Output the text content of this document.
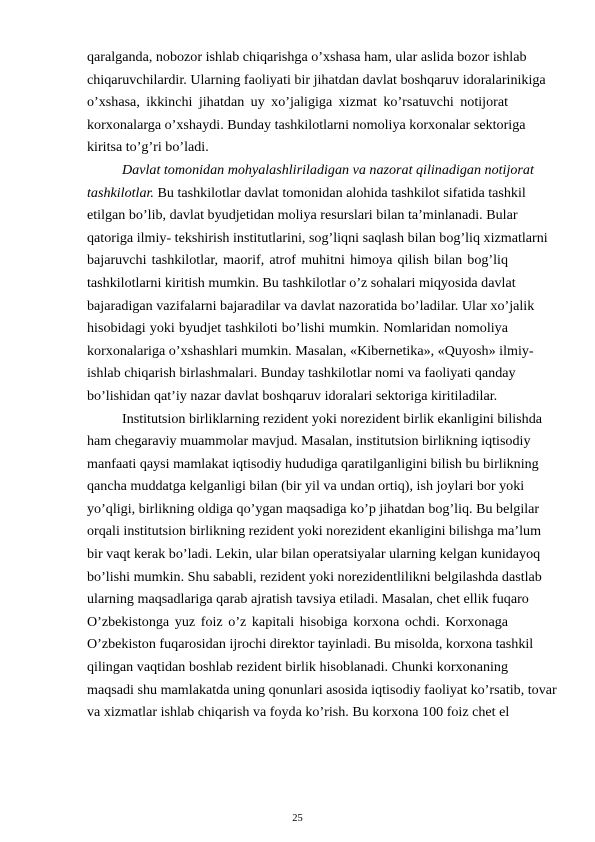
qaralganda, nobozor ishlab chiqarishga o’xshasa ham, ular aslida bozor ishlab
chiqaruvchilardir. Ularning faoliyati bir jihatdan davlat boshqaruv idoralarinikiga
o’xshasa, ikkinchi jihatdan uy xo’jaligiga xizmat ko’rsatuvchi notijorat
korxonalarga o’xshaydi. Bunday tashkilotlarni nomoliya korxonalar sektoriga
kiritsa to’g’ri bo’ladi.

Davlat tomonidan mohyalashliriladigan va nazorat qilinadigan notijorat
tashkilotlar. Bu tashkilotlar davlat tomonidan alohida tashkilot sifatida tashkil
etilgan bo’lib, davlat byudjetidan moliya resurslari bilan ta’minlanadi. Bular
qatoriga ilmiy- tekshirish institutlarini, sog’liqni saqlash bilan bog’liq xizmatlarni
bajaruvchi tashkilotlar, maorif, atrof muhitni himoya qilish bilan bog’liq
tashkilotlarni kiritish mumkin. Bu tashkilotlar o’z sohalari miqyosida davlat
bajaradigan vazifalarni bajaradilar va davlat nazoratida bo’ladilar. Ular xo’jalik
hisobidagi yoki byudjet tashkiloti bo’lishi mumkin. Nomlaridan nomoliya
korxonalariga o’xshashlari mumkin. Masalan, «Kibernetika», «Quyosh» ilmiy-
ishlab chiqarish birlashmalari. Bunday tashkilotlar nomi va faoliyati qanday
bo’lishidan qat’iy nazar davlat boshqaruv idoralari sektoriga kiritiladilar.

Institutsion birliklarning rezident yoki norezident birlik ekanligini bilishda
ham chegaraviy muammolar mavjud. Masalan, institutsion birlikning iqtisodiy
manfaati qaysi mamlakat iqtisodiy hududiga qaratilganligini bilish bu birlikning
qancha muddatga kelganligi bilan (bir yil va undan ortiq), ish joylari bor yoki
yo’qligi, birlikning oldiga qo’ygan maqsadiga ko’p jihatdan bog’liq. Bu belgilar
orqali institutsion birlikning rezident yoki norezident ekanligini bilishga ma’lum
bir vaqt kerak bo’ladi. Lekin, ular bilan operatsiyalar ularning kelgan kunidayoq
bo’lishi mumkin. Shu sababli, rezident yoki norezidentlilikni belgilashda dastlab
ularning maqsadlariga qarab ajratish tavsiya etiladi. Masalan, chet ellik fuqaro
O’zbekistonga yuz foiz o’z kapitali hisobiga korxona ochdi. Korxonaga
O’zbekiston fuqarosidan ijrochi direktor tayinladi. Bu misolda, korxona tashkil
qilingan vaqtidan boshlab rezident birlik hisoblanadi. Chunki korxonaning
maqsadi shu mamlakatda uning qonunlari asosida iqtisodiy faoliyat ko’rsatib, tovar
va xizmatlar ishlab chiqarish va foyda ko’rish. Bu korxona 100 foiz chet el

25
